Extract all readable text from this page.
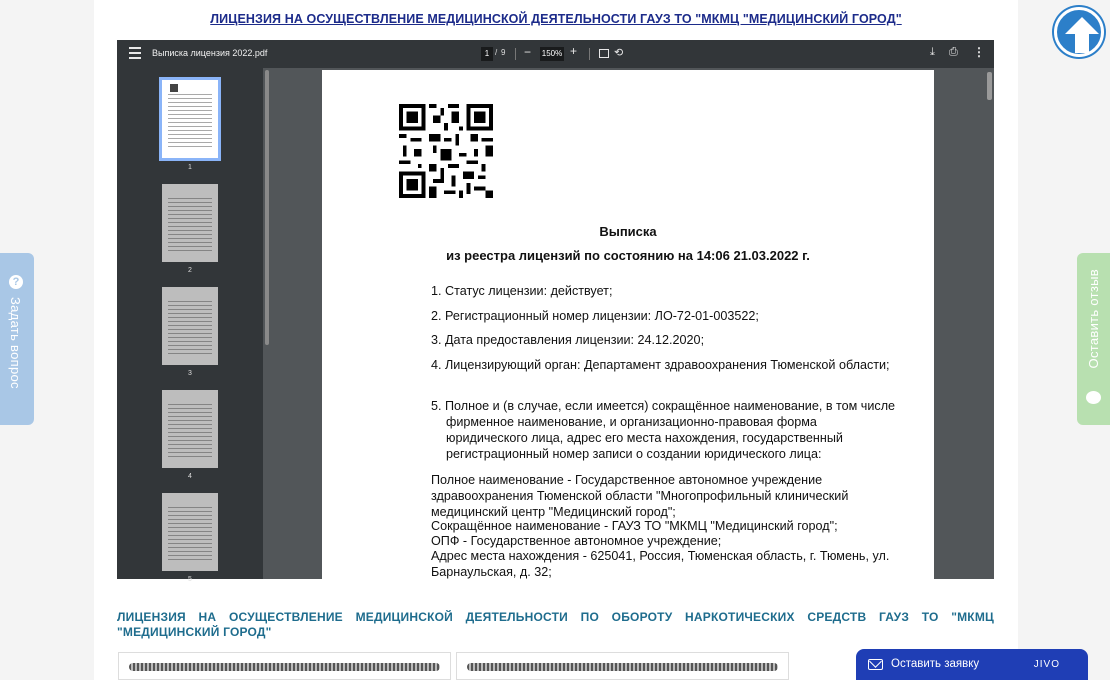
ЛИЦЕНЗИЯ НА ОСУЩЕСТВЛЕНИЕ МЕДИЦИНСКОЙ ДЕЯТЕЛЬНОСТИ ГАУЗ ТО "МКМЦ "МЕДИЦИНСКИЙ ГОРОД"
Выписка лицензия 2022.pdf	1 / 9 − 150% +	⟲	⤓ ⎙ ⋮
1
2
3
4
5
Выписка
из реестра лицензий по состоянию на 14:06 21.03.2022 г.
1. Статус лицензии: действует;
2. Регистрационный номер лицензии: ЛО-72-01-003522;
3. Дата предоставления лицензии: 24.12.2020;
4. Лицензирующий орган: Департамент здравоохранения Тюменской области;
5. Полное и (в случае, если имеется) сокращённое наименование, в том числе фирменное наименование, и организационно-правовая форма юридического лица, адрес его места нахождения, государственный регистрационный номер записи о создании юридического лица:
Полное наименование - Государственное автономное учреждение здравоохранения Тюменской области "Многопрофильный клинический медицинский центр "Медицинский город";
Сокращённое наименование - ГАУЗ ТО "МКМЦ "Медицинский город";
ОПФ - Государственное автономное учреждение;
Адрес места нахождения - 625041, Россия, Тюменская область, г. Тюмень, ул. Барнаульская, д. 32;
ЛИЦЕНЗИЯ НА ОСУЩЕСТВЛЕНИЕ МЕДИЦИНСКОЙ ДЕЯТЕЛЬНОСТИ ПО ОБОРОТУ НАРКОТИЧЕСКИХ СРЕДСТВ ГАУЗ ТО "МКМЦ "МЕДИЦИНСКИЙ ГОРОД"
?
Задать вопрос	Оставить отзыв
Оставить заявку	JIVO
